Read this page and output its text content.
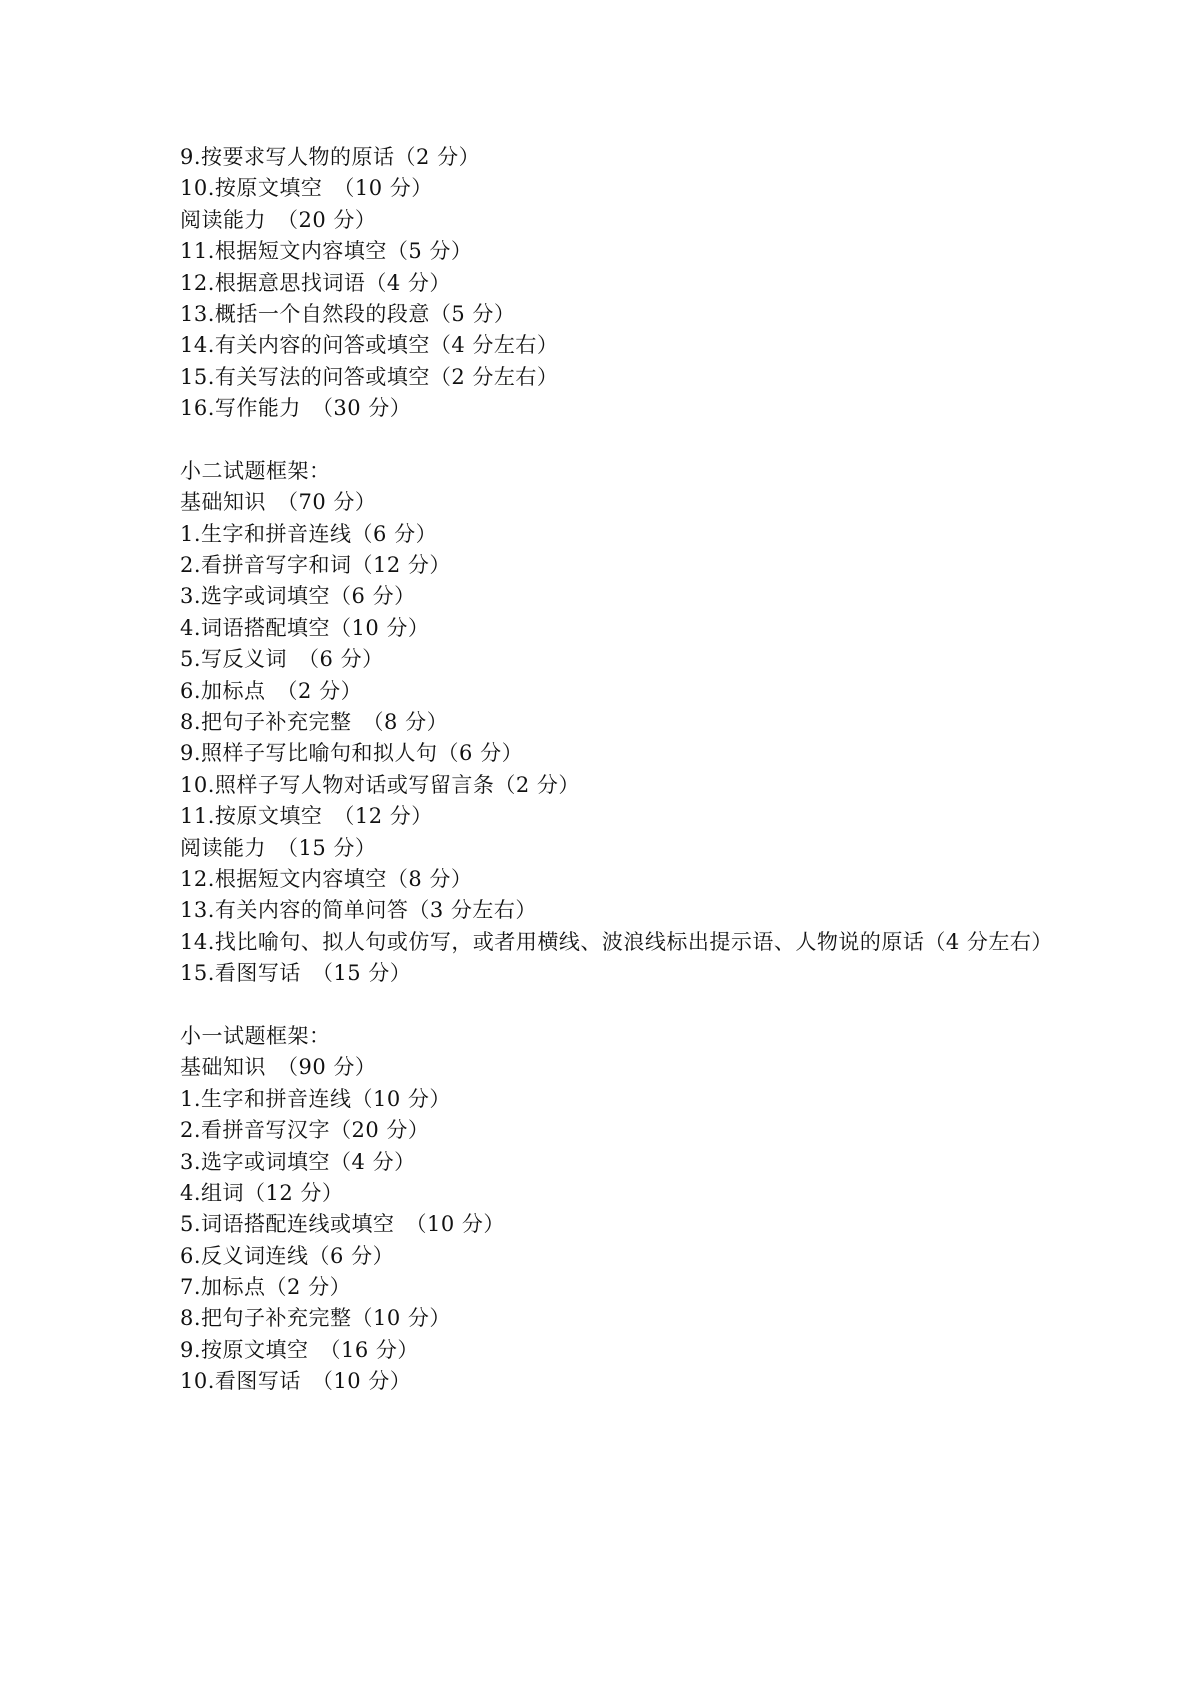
9.按要求写人物的原话（2 分）
10.按原文填空　（10 分）
阅读能力　（20 分）
11.根据短文内容填空（5 分）
12.根据意思找词语（4 分）
13.概括一个自然段的段意（5 分）
14.有关内容的问答或填空（4 分左右）
15.有关写法的问答或填空（2 分左右）
16.写作能力　（30 分）
小二试题框架：
基础知识　（70 分）
1.生字和拼音连线（6 分）
2.看拼音写字和词（12 分）
3.选字或词填空（6 分）
4.词语搭配填空（10 分）
5.写反义词　（6 分）
6.加标点　（2 分）
8.把句子补充完整　（8 分）
9.照样子写比喻句和拟人句（6 分）
10.照样子写人物对话或写留言条（2 分）
11.按原文填空　（12 分）
阅读能力　（15 分）
12.根据短文内容填空（8 分）
13.有关内容的简单问答（3 分左右）
14.找比喻句、拟人句或仿写，或者用横线、波浪线标出提示语、人物说的原话（4 分左右）
15.看图写话　（15 分）
小一试题框架：
基础知识　（90 分）
1.生字和拼音连线（10 分）
2.看拼音写汉字（20 分）
3.选字或词填空（4 分）
4.组词（12 分）
5.词语搭配连线或填空　（10 分）
6.反义词连线（6 分）
7.加标点（2 分）
8.把句子补充完整（10 分）
9.按原文填空　（16 分）
10.看图写话　（10 分）
